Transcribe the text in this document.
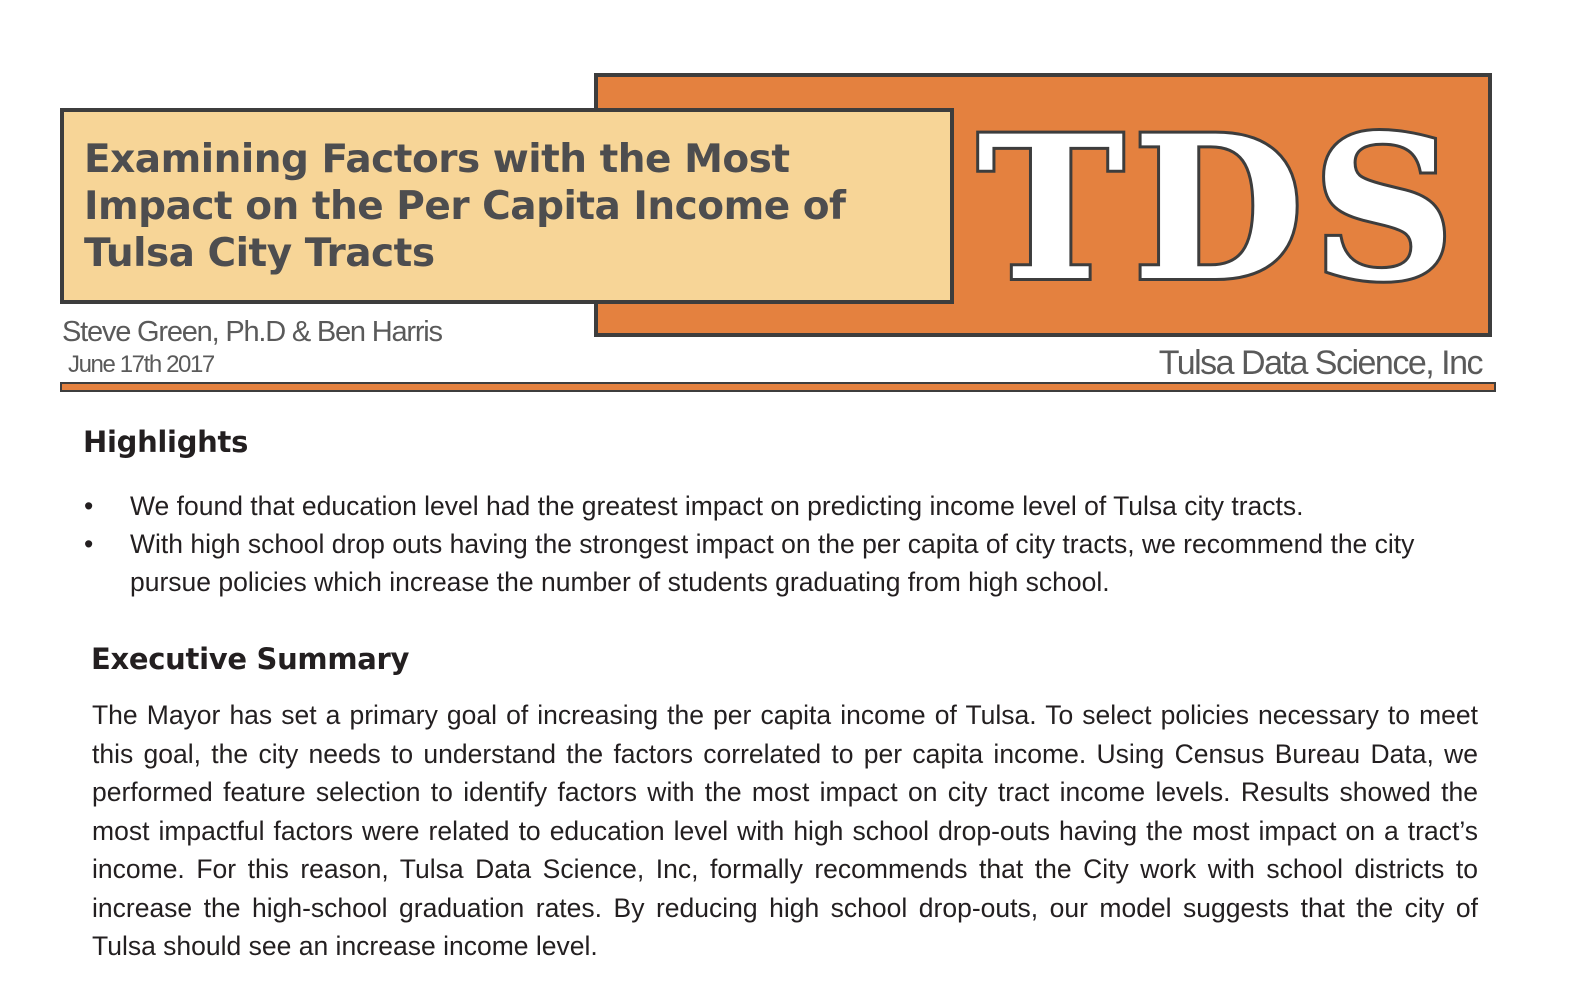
TDS
Examining Factors with the Most Impact on the Per Capita Income of Tulsa City Tracts
Steve Green, Ph.D & Ben Harris
June 17th 2017	Tulsa Data Science, Inc
Highlights
• We found that education level had the greatest impact on predicting income level of Tulsa city tracts.
• With high school drop outs having the strongest impact on the per capita of city tracts, we recommend the city pursue policies which increase the number of students graduating from high school.
Executive Summary

The Mayor has set a primary goal of increasing the per capita income of Tulsa. To select policies necessary to meet this goal, the city needs to understand the factors correlated to per capita income. Using Census Bureau Data, we performed feature selection to identify factors with the most impact on city tract income levels. Results showed the most impactful factors were related to education level with high school drop-outs having the most impact on a tract’s income. For this reason, Tulsa Data Science, Inc, formally recommends that the City work with school districts to increase the high-school graduation rates. By reducing high school drop-outs, our model suggests that the city of Tulsa should see an increase income level.
